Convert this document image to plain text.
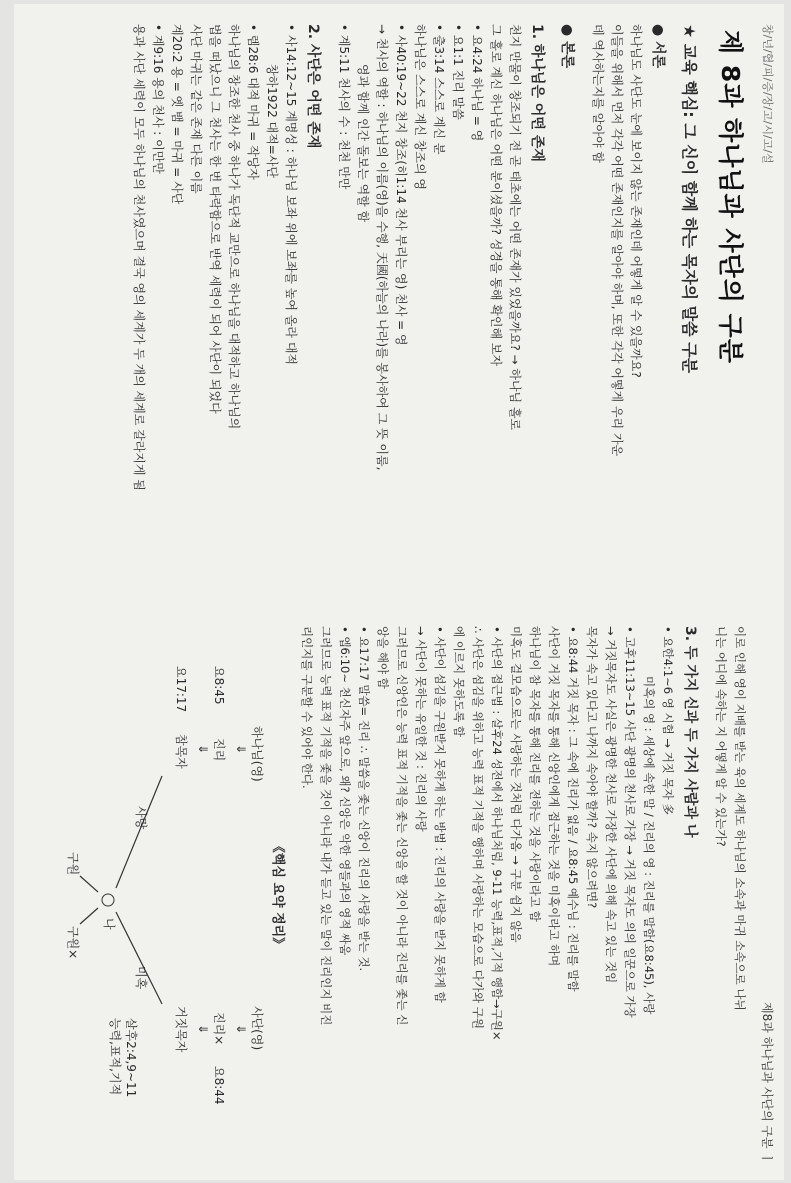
창/넌/협/피/증/장/고/시/고/설
제 8과 하나님과 사단의 구분
★ 교육 핵심: 그 신이 함께 하는 목자의 말씀 구분
● 서론

하나님도 사단도 눈에 보이지 않는 존재인데 어떻게 알 수 있을까요?

이들을 위해서 먼저 각각 어떤 존재인지를 알아야 하며, 또한 각각 어떻게 우리 가운

데 역사하는지를 알아야 함

● 본론
1. 하나님은 어떤 존재

천지 만물이 창조되기 전 곧 태초에는 어떤 존재가 있었을까요? → 하나님 홀로

그 홀로 계신 하나님은 어떤 분이셨을까? 성경을 통해 확인해 보자

• 요4:24 하나님 = 영

• 요1:1 진리 말씀

• 출3:14 스스로 계신 분

하나님은 스스로 계신 창조의 영

• 사40:19~22 천지 창조(히1:14 천사 부리는 영) 천사 = 영

→ 천사의 역할 : 하나님의 이름(영)을 수행, 天國(하늘의 나라)를 봉사하여 그 뜻 이룸,

영과 함께 인간 돌보는 역할 함

• 계5:11 천사의 수 : 천천 만만

2. 사단은 어떤 존재

• 사14:12~15 계명성 : 하나님 보좌 위에 보좌를 높여 올라 대적

창하1922 대적=사단

• 렘28:6 대적 마귀 = 작당자

하나님의 창조한 천사 중 하나가 독단적 교만으로 하나님을 대적하고 하나님의

법을 떠났으니 그 천사는 한 번 타락함으로 반역 세력이 되어 사단이 되었다

사단 마귀는 같은 존재 다른 이름

계20:2 용 = 옛 뱀 = 마귀 = 사단

• 계9:16 용의 천사 : 이만만

용과 사단 세력이 모두 하나님의 천사였으며 결국 영의 세계가 두 개의 세계로 갈라지게 됨

제8과 하나님과 사단의 구분 ㅣ

이로 인해 영이 지배를 받는 육의 세계도 하나님의 소속과 마귀 소속으로 나뉘

니는 어디에 속하는 지 어떻게 알 수 있는가?

3. 두 가지 신과 두 가지 사람과 나

• 요한4:1~6 영 시험 → 거짓 목자 多

미혹의 영 : 세상에 속한 말 / 진리의 영 : 진리를 말함(요8:45), 사랑

• 고후11:13~15 사단 광명의 천사로 가장 → 거짓 목자도 의의 일꾼으로 가장

→ 거짓목자도 사실은 광명한 천사로 가장한 사단에 의해 속고 있는 것임

목자가 속고 있다고 나까지 속아야 할까? 속지 않으려면?

• 요8:44 거짓 목자 : 그 속에 진리가 없음 / 요8:45 예수님 : 진리를 말함

사단이 거짓 목자를 통해 신앙인에게 접근하는 것을 미혹이라고 하며

하나님이 참 목자를 통해 진리를 전하는 것을 사랑이라고 함

미혹도 걸모습으로는 사랑하는 것처럼 다가옴 → 구분 쉽지 않음

• 사단의 접근법 : 살후24 성전에서 하나님처럼, 9-11 능력,표적,기적 행함→구원×

∴ 사단은 섬김을 위하고 능력 표적 기적을 행하며 사랑하는 모습으로 다가와 구원

에 이르지 못하도록 함

• 사단이 섬김을 구원받지 못하게 하는 방법 : 진리의 사랑을 받지 못하게 함

→ 사단이 못하는 유일한 것 : 진리의 사랑

그러므로 신앙인은 능력 표적 기적을 좇는 신앙을 할 것이 아니라 진리를 좇는 신

앙을 해야 함

• 요17:17 말씀= 진리 ∴ 말씀을 좇는 신앙이 진리의 사랑을 받는 것.

• 엡6:10~ 천신자주 앞으로, 왜? 신앙은 악한 영들과의 영적 싸움

그러므로 능력 표적 기적을 좇을 것이 아니라 내가 듣고 있는 말이 진리인지 비진

리인지를 구분할 수 있어야 한다.

《핵심 요약 정리》
하나님(영)
사단(영)
⇓
⇓
요8:45
진리
진리×
요8:44
⇓
⇓
요17:17
참목자
거짓목자
사랑
미혹
살후2:4,9~11
능력,표적,기적
나
구원
구원×
